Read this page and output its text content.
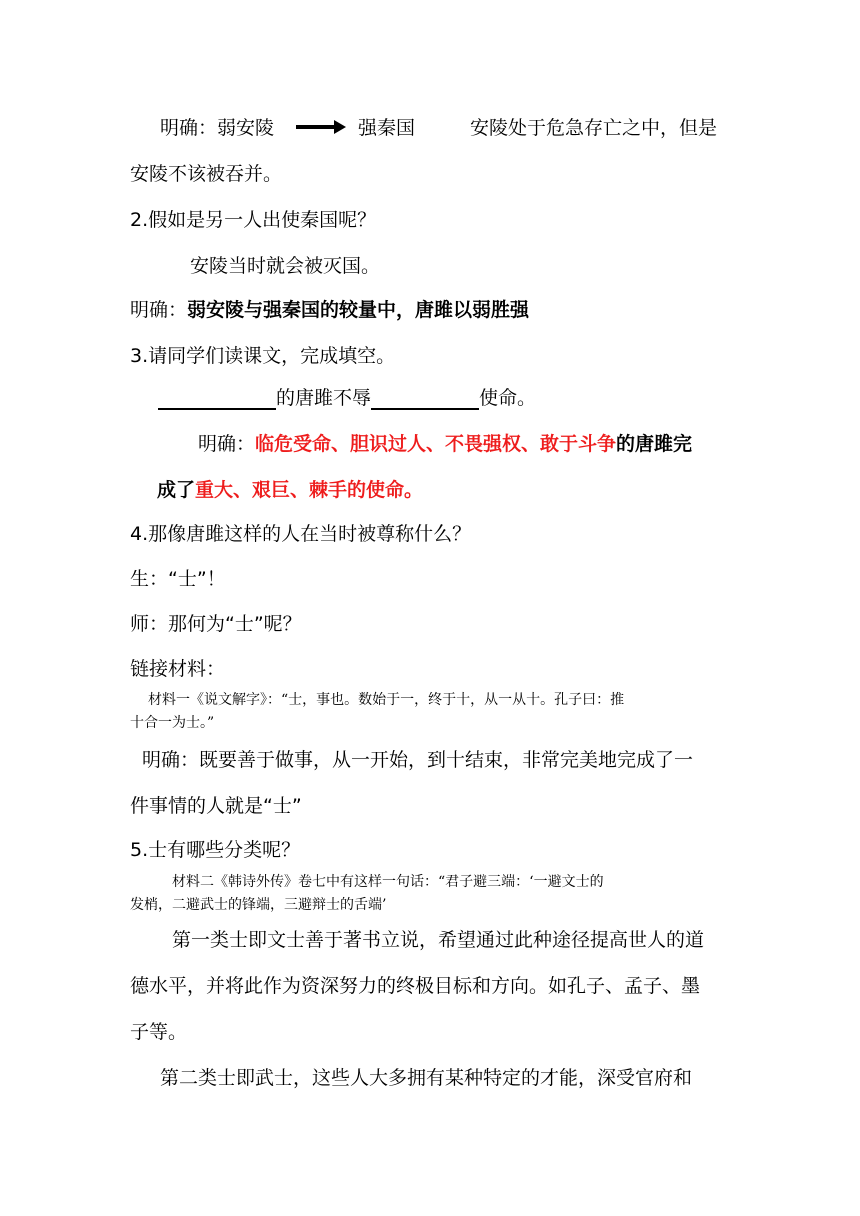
明确：弱安陵	强秦国	安陵处于危急存亡之中，但是
安陵不该被吞并。
2.假如是另一人出使秦国呢？
安陵当时就会被灭国。
明确：弱安陵与强秦国的较量中，唐雎以弱胜强
3.请同学们读课文，完成填空。
的唐雎不辱	使命。
明确：临危受命、胆识过人、不畏强权、敢于斗争的唐雎完
成了重大、艰巨、棘手的使命。
4.那像唐雎这样的人在当时被尊称什么？
生：“士”！
师：那何为“士”呢？
链接材料：
材料一《说文解字》：“士，事也。数始于一，终于十，从一从十。孔子曰：推
十合一为士。”
明确：既要善于做事，从一开始，到十结束，非常完美地完成了一
件事情的人就是“士”
5.士有哪些分类呢？
材料二《韩诗外传》卷七中有这样一句话：“君子避三端：‘一避文士的
发梢，二避武士的锋端，三避辩士的舌端’
第一类士即文士善于著书立说，希望通过此种途径提高世人的道
德水平，并将此作为资深努力的终极目标和方向。如孔子、孟子、墨
子等。
第二类士即武士，这些人大多拥有某种特定的才能，深受官府和
